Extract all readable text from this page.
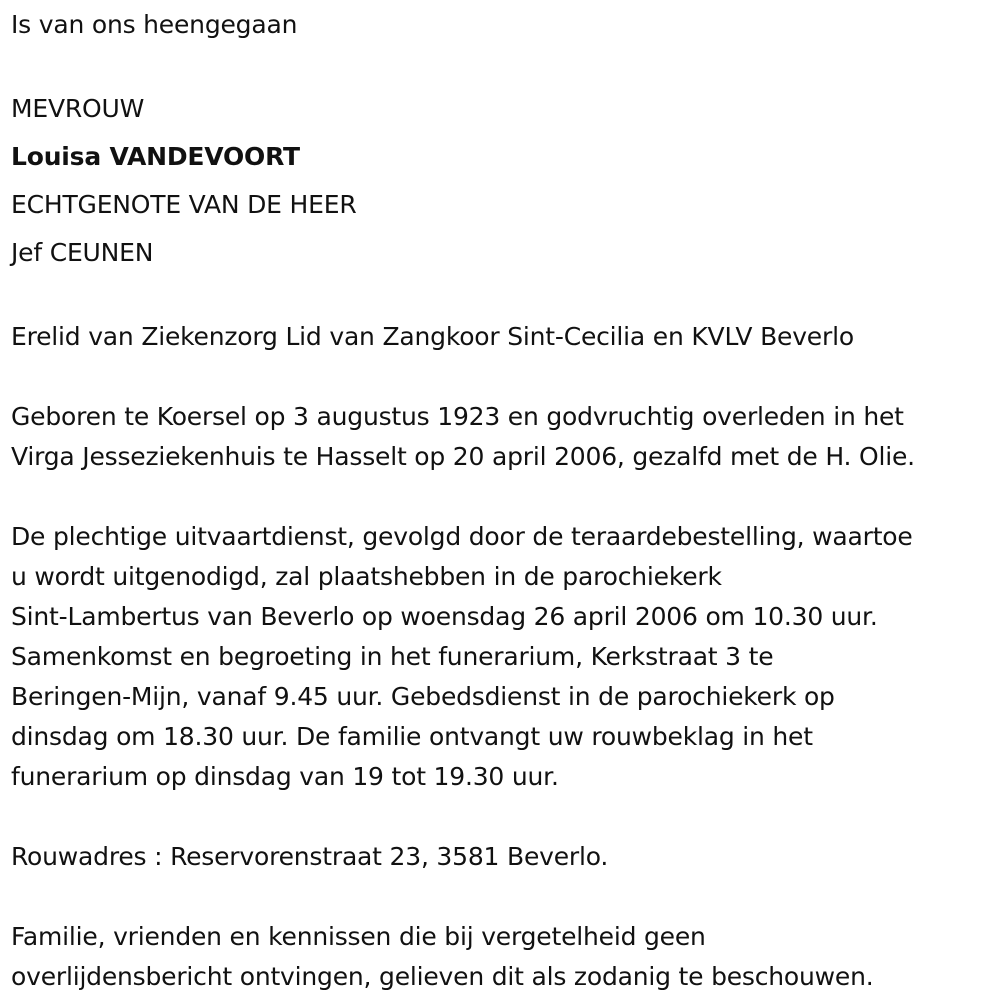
Is van ons heengegaan
MEVROUW
Louisa VANDEVOORT
ECHTGENOTE VAN DE HEER
Jef CEUNEN
Erelid van Ziekenzorg Lid van Zangkoor Sint-Cecilia en KVLV Beverlo
Geboren te Koersel op 3 augustus 1923 en godvruchtig overleden in het
Virga Jesseziekenhuis te Hasselt op 20 april 2006, gezalfd met de H. Olie.
De plechtige uitvaartdienst, gevolgd door de teraardebestelling, waartoe
u wordt uitgenodigd, zal plaatshebben in de parochiekerk
Sint-Lambertus van Beverlo op woensdag 26 april 2006 om 10.30 uur.
Samenkomst en begroeting in het funerarium, Kerkstraat 3 te
Beringen-Mijn, vanaf 9.45 uur. Gebedsdienst in de parochiekerk op
dinsdag om 18.30 uur. De familie ontvangt uw rouwbeklag in het
funerarium op dinsdag van 19 tot 19.30 uur.
Rouwadres : Reservorenstraat 23, 3581 Beverlo.
Familie, vrienden en kennissen die bij vergetelheid geen
overlijdensbericht ontvingen, gelieven dit als zodanig te beschouwen.
